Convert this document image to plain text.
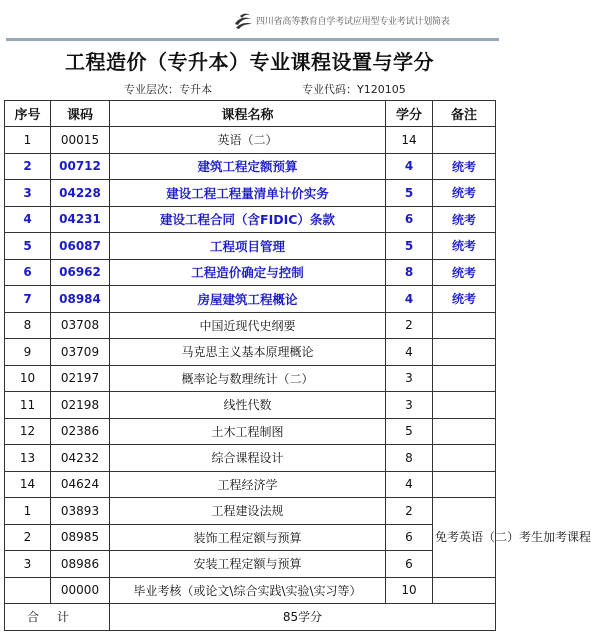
四川省高等教育自学考试应用型专业考试计划简表
工程造价（专升本）专业课程设置与学分
专业层次：专升本	专业代码：Y120105
序号	课码	课程名称	学分	备注
1	00015	英语（二）	14	
2	00712	建筑工程定额预算	4	统考
3	04228	建设工程工程量清单计价实务	5	统考
4	04231	建设工程合同（含FIDIC）条款	6	统考
5	06087	工程项目管理	5	统考
6	06962	工程造价确定与控制	8	统考
7	08984	房屋建筑工程概论	4	统考
8	03708	中国近现代史纲要	2	
9	03709	马克思主义基本原理概论	4	
10	02197	概率论与数理统计（二）	3	
11	02198	线性代数	3	
12	02386	土木工程制图	5	
13	04232	综合课程设计	8	
14	04624	工程经济学	4	
1	03893	工程建设法规	2	免考英语（二）考生加考课程
2	08985	装饰工程定额与预算	6	
3	08986	安装工程定额与预算	6	
	00000	毕业考核（或论文\综合实践\实验\实习等）	10	
合计		85学分		
